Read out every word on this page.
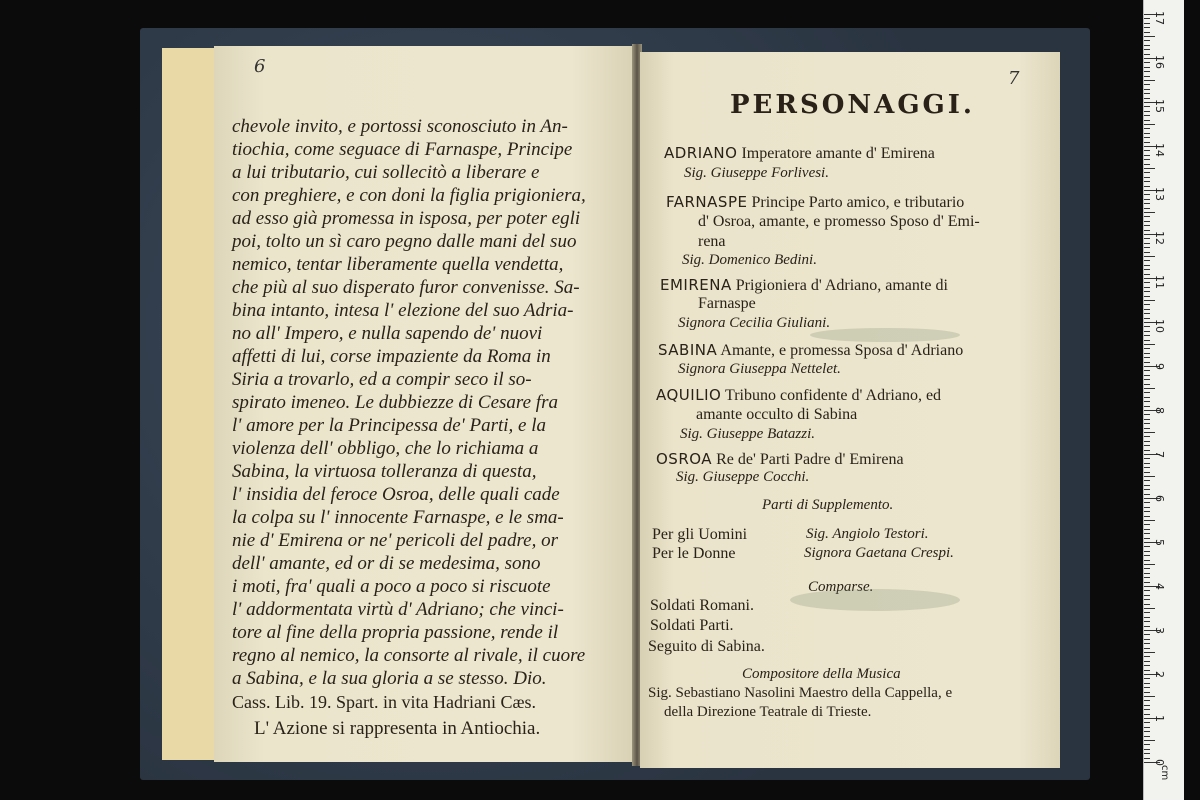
6
chevole invito, e portossi sconosciuto in An-
tiochia, come seguace di Farnaspe, Principe
a lui tributario, cui sollecitò a liberare e
con preghiere, e con doni la figlia prigioniera,
ad esso già promessa in isposa, per poter egli
poi, tolto un sì caro pegno dalle mani del suo
nemico, tentar liberamente quella vendetta,
che più al suo disperato furor convenisse. Sa-
bina intanto, intesa l' elezione del suo Adria-
no all' Impero, e nulla sapendo de' nuovi
affetti di lui, corse impaziente da Roma in
Siria a trovarlo, ed a compir seco il so-
spirato imeneo. Le dubbiezze di Cesare fra
l' amore per la Principessa de' Parti, e la
violenza dell' obbligo, che lo richiama a
Sabina, la virtuosa tolleranza di questa,
l' insidia del feroce Osroa, delle quali cade
la colpa su l' innocente Farnaspe, e le sma-
nie d' Emirena or ne' pericoli del padre, or
dell' amante, ed or di se medesima, sono
i moti, fra' quali a poco a poco si riscuote
l' addormentata virtù d' Adriano; che vinci-
tore al fine della propria passione, rende il
regno al nemico, la consorte al rivale, il cuore
a Sabina, e la sua gloria a se stesso. Dio.
Cass. Lib. 19. Spart. in vita Hadriani Cæs.
L' Azione si rappresenta in Antiochia.
7
PERSONAGGI.
ADRIANO Imperatore amante d' Emirena
Sig. Giuseppe Forlivesi.
FARNASPE Principe Parto amico, e tributario
d' Osroa, amante, e promesso Sposo d' Emi-
rena
Sig. Domenico Bedini.
EMIRENA Prigioniera d' Adriano, amante di
Farnaspe
Signora Cecilia Giuliani.
SABINA Amante, e promessa Sposa d' Adriano
Signora Giuseppa Nettelet.
AQUILIO Tribuno confidente d' Adriano, ed
amante occulto di Sabina
Sig. Giuseppe Batazzi.
OSROA Re de' Parti Padre d' Emirena
Sig. Giuseppe Cocchi.
Parti di Supplemento.
Per gli Uomini	Sig. Angiolo Testori.
Per le Donne	Signora Gaetana Crespi.
Comparse.
Soldati Romani.
Soldati Parti.
Seguito di Sabina.
Compositore della Musica
Sig. Sebastiano Nasolini Maestro della Cappella, e
della Direzione Teatrale di Trieste.
0
1
2
3
4
5
6
7
8
9
10
11
12
13
14
15
16
17
cm
